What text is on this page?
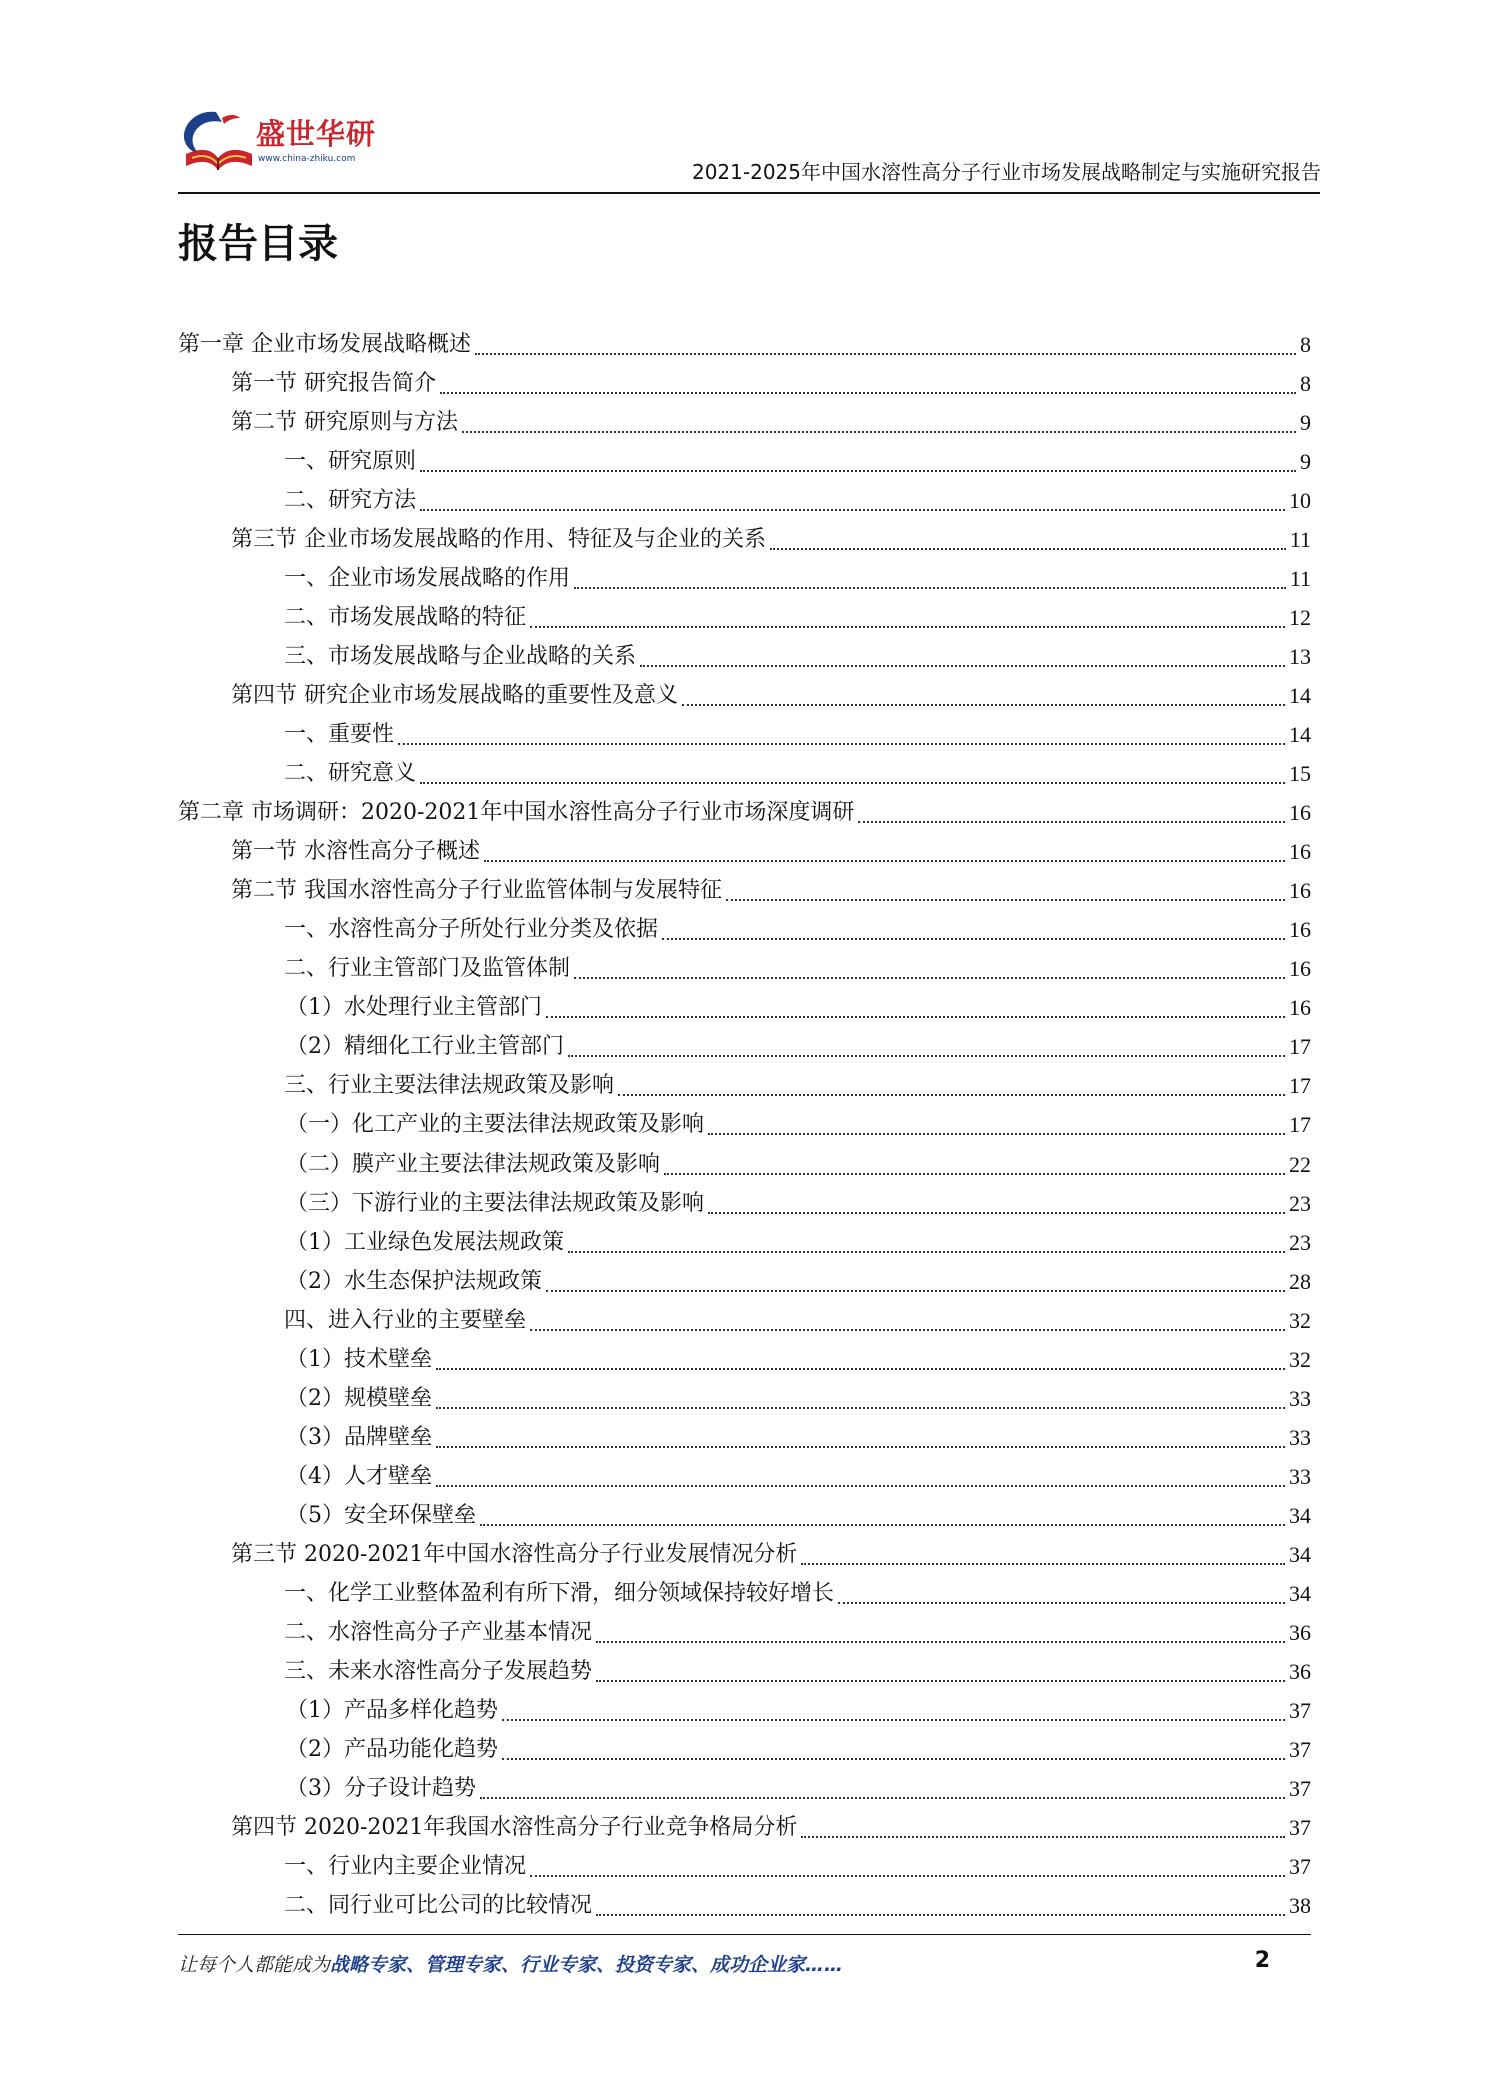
盛世华研
www.china-zhiku.com
2021-2025年中国水溶性高分子行业市场发展战略制定与实施研究报告
报告目录
第一章 企业市场发展战略概述	8
第一节 研究报告简介	8
第二节 研究原则与方法	9
一、研究原则	9
二、研究方法	10
第三节 企业市场发展战略的作用、特征及与企业的关系	11
一、企业市场发展战略的作用	11
二、市场发展战略的特征	12
三、市场发展战略与企业战略的关系	13
第四节 研究企业市场发展战略的重要性及意义	14
一、重要性	14
二、研究意义	15
第二章 市场调研：2020-2021年中国水溶性高分子行业市场深度调研	16
第一节 水溶性高分子概述	16
第二节 我国水溶性高分子行业监管体制与发展特征	16
一、水溶性高分子所处行业分类及依据	16
二、行业主管部门及监管体制	16
（1）水处理行业主管部门	16
（2）精细化工行业主管部门	17
三、行业主要法律法规政策及影响	17
（一）化工产业的主要法律法规政策及影响	17
（二）膜产业主要法律法规政策及影响	22
（三）下游行业的主要法律法规政策及影响	23
（1）工业绿色发展法规政策	23
（2）水生态保护法规政策	28
四、进入行业的主要壁垒	32
（1）技术壁垒	32
（2）规模壁垒	33
（3）品牌壁垒	33
（4）人才壁垒	33
（5）安全环保壁垒	34
第三节 2020-2021年中国水溶性高分子行业发展情况分析	34
一、化学工业整体盈利有所下滑，细分领域保持较好增长	34
二、水溶性高分子产业基本情况	36
三、未来水溶性高分子发展趋势	36
（1）产品多样化趋势	37
（2）产品功能化趋势	37
（3）分子设计趋势	37
第四节 2020-2021年我国水溶性高分子行业竞争格局分析	37
一、行业内主要企业情况	37
二、同行业可比公司的比较情况	38
让每个人都能成为战略专家、管理专家、行业专家、投资专家、成功企业家……	2
